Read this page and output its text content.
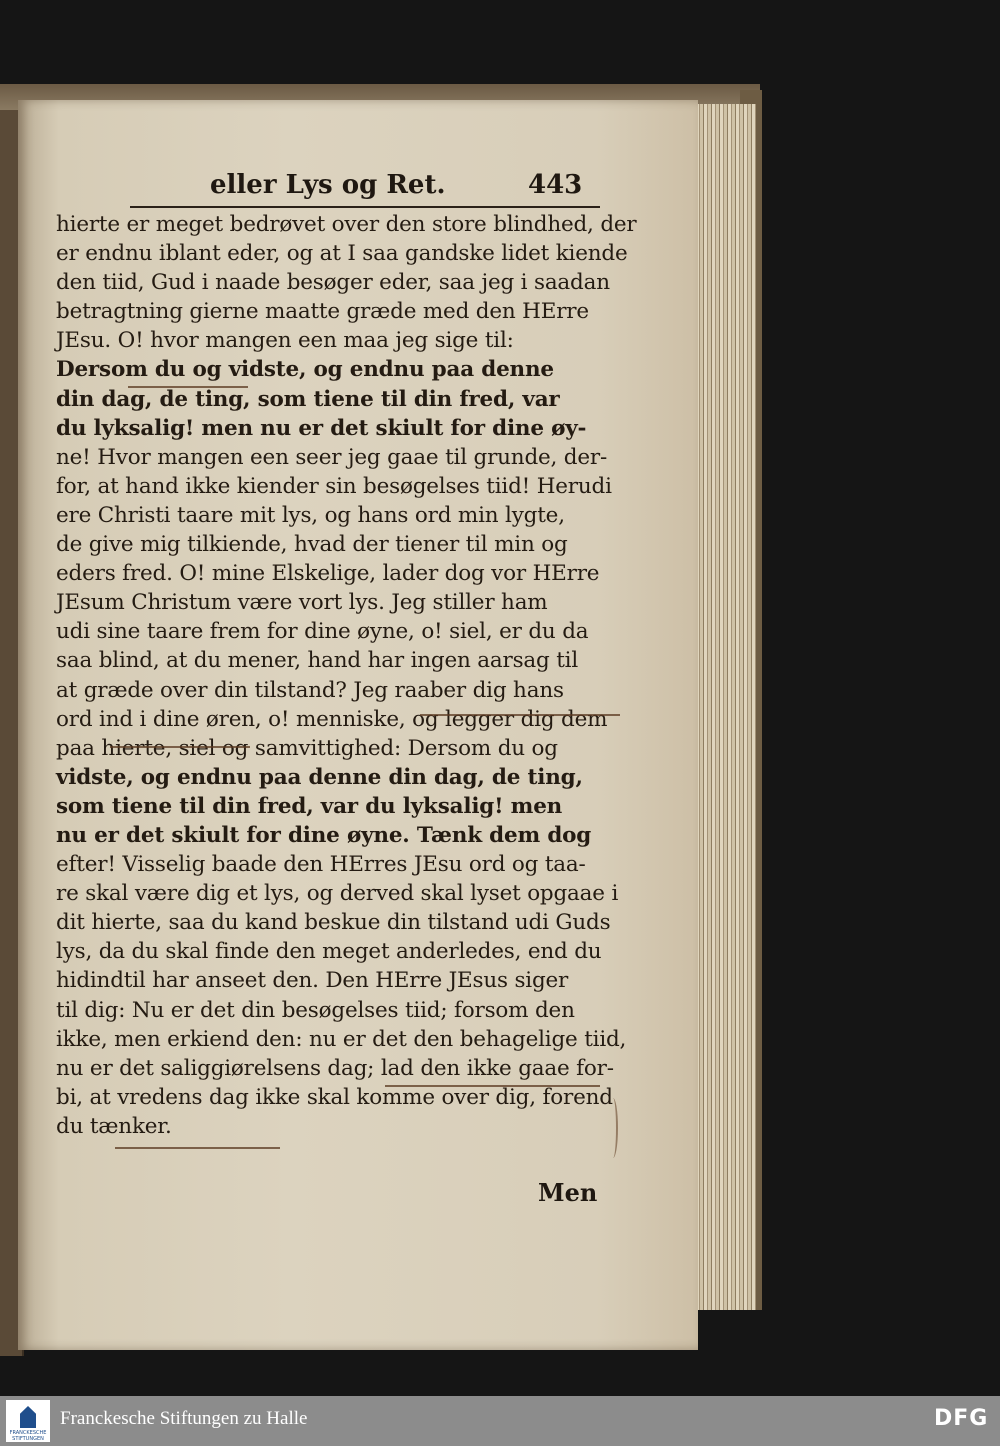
eller Lys og Ret.	443
hierte er meget bedrøvet over den store blindhed, der
er endnu iblant eder, og at I saa gandske lidet kiende
den tiid, Gud i naade besøger eder, saa jeg i saadan
betragtning gierne maatte græde med den HErre
JEsu. O! hvor mangen een maa jeg sige til:
Dersom du og vidste, og endnu paa denne
din dag, de ting, som tiene til din fred, var
du lyksalig! men nu er det skiult for dine øy-
ne! Hvor mangen een seer jeg gaae til grunde, der-
for, at hand ikke kiender sin besøgelses tiid! Herudi
ere Christi taare mit lys, og hans ord min lygte,
de give mig tilkiende, hvad der tiener til min og
eders fred. O! mine Elskelige, lader dog vor HErre
JEsum Christum være vort lys. Jeg stiller ham
udi sine taare frem for dine øyne, o! siel, er du da
saa blind, at du mener, hand har ingen aarsag til
at græde over din tilstand? Jeg raaber dig hans
ord ind i dine øren, o! menniske, og legger dig dem
paa hierte, siel og samvittighed: Dersom du og
vidste, og endnu paa denne din dag, de ting,
som tiene til din fred, var du lyksalig! men
nu er det skiult for dine øyne. Tænk dem dog
efter! Visselig baade den HErres JEsu ord og taa-
re skal være dig et lys, og derved skal lyset opgaae i
dit hierte, saa du kand beskue din tilstand udi Guds
lys, da du skal finde den meget anderledes, end du
hidindtil har anseet den. Den HErre JEsus siger
til dig: Nu er det din besøgelses tiid; forsom den
ikke, men erkiend den: nu er det den behagelige tiid,
nu er det saliggiørelsens dag; lad den ikke gaae for-
bi, at vredens dag ikke skal komme over dig, forend
du tænker.
Men
FRANCKESCHE STIFTUNGEN
Franckesche Stiftungen zu Halle	DFG
